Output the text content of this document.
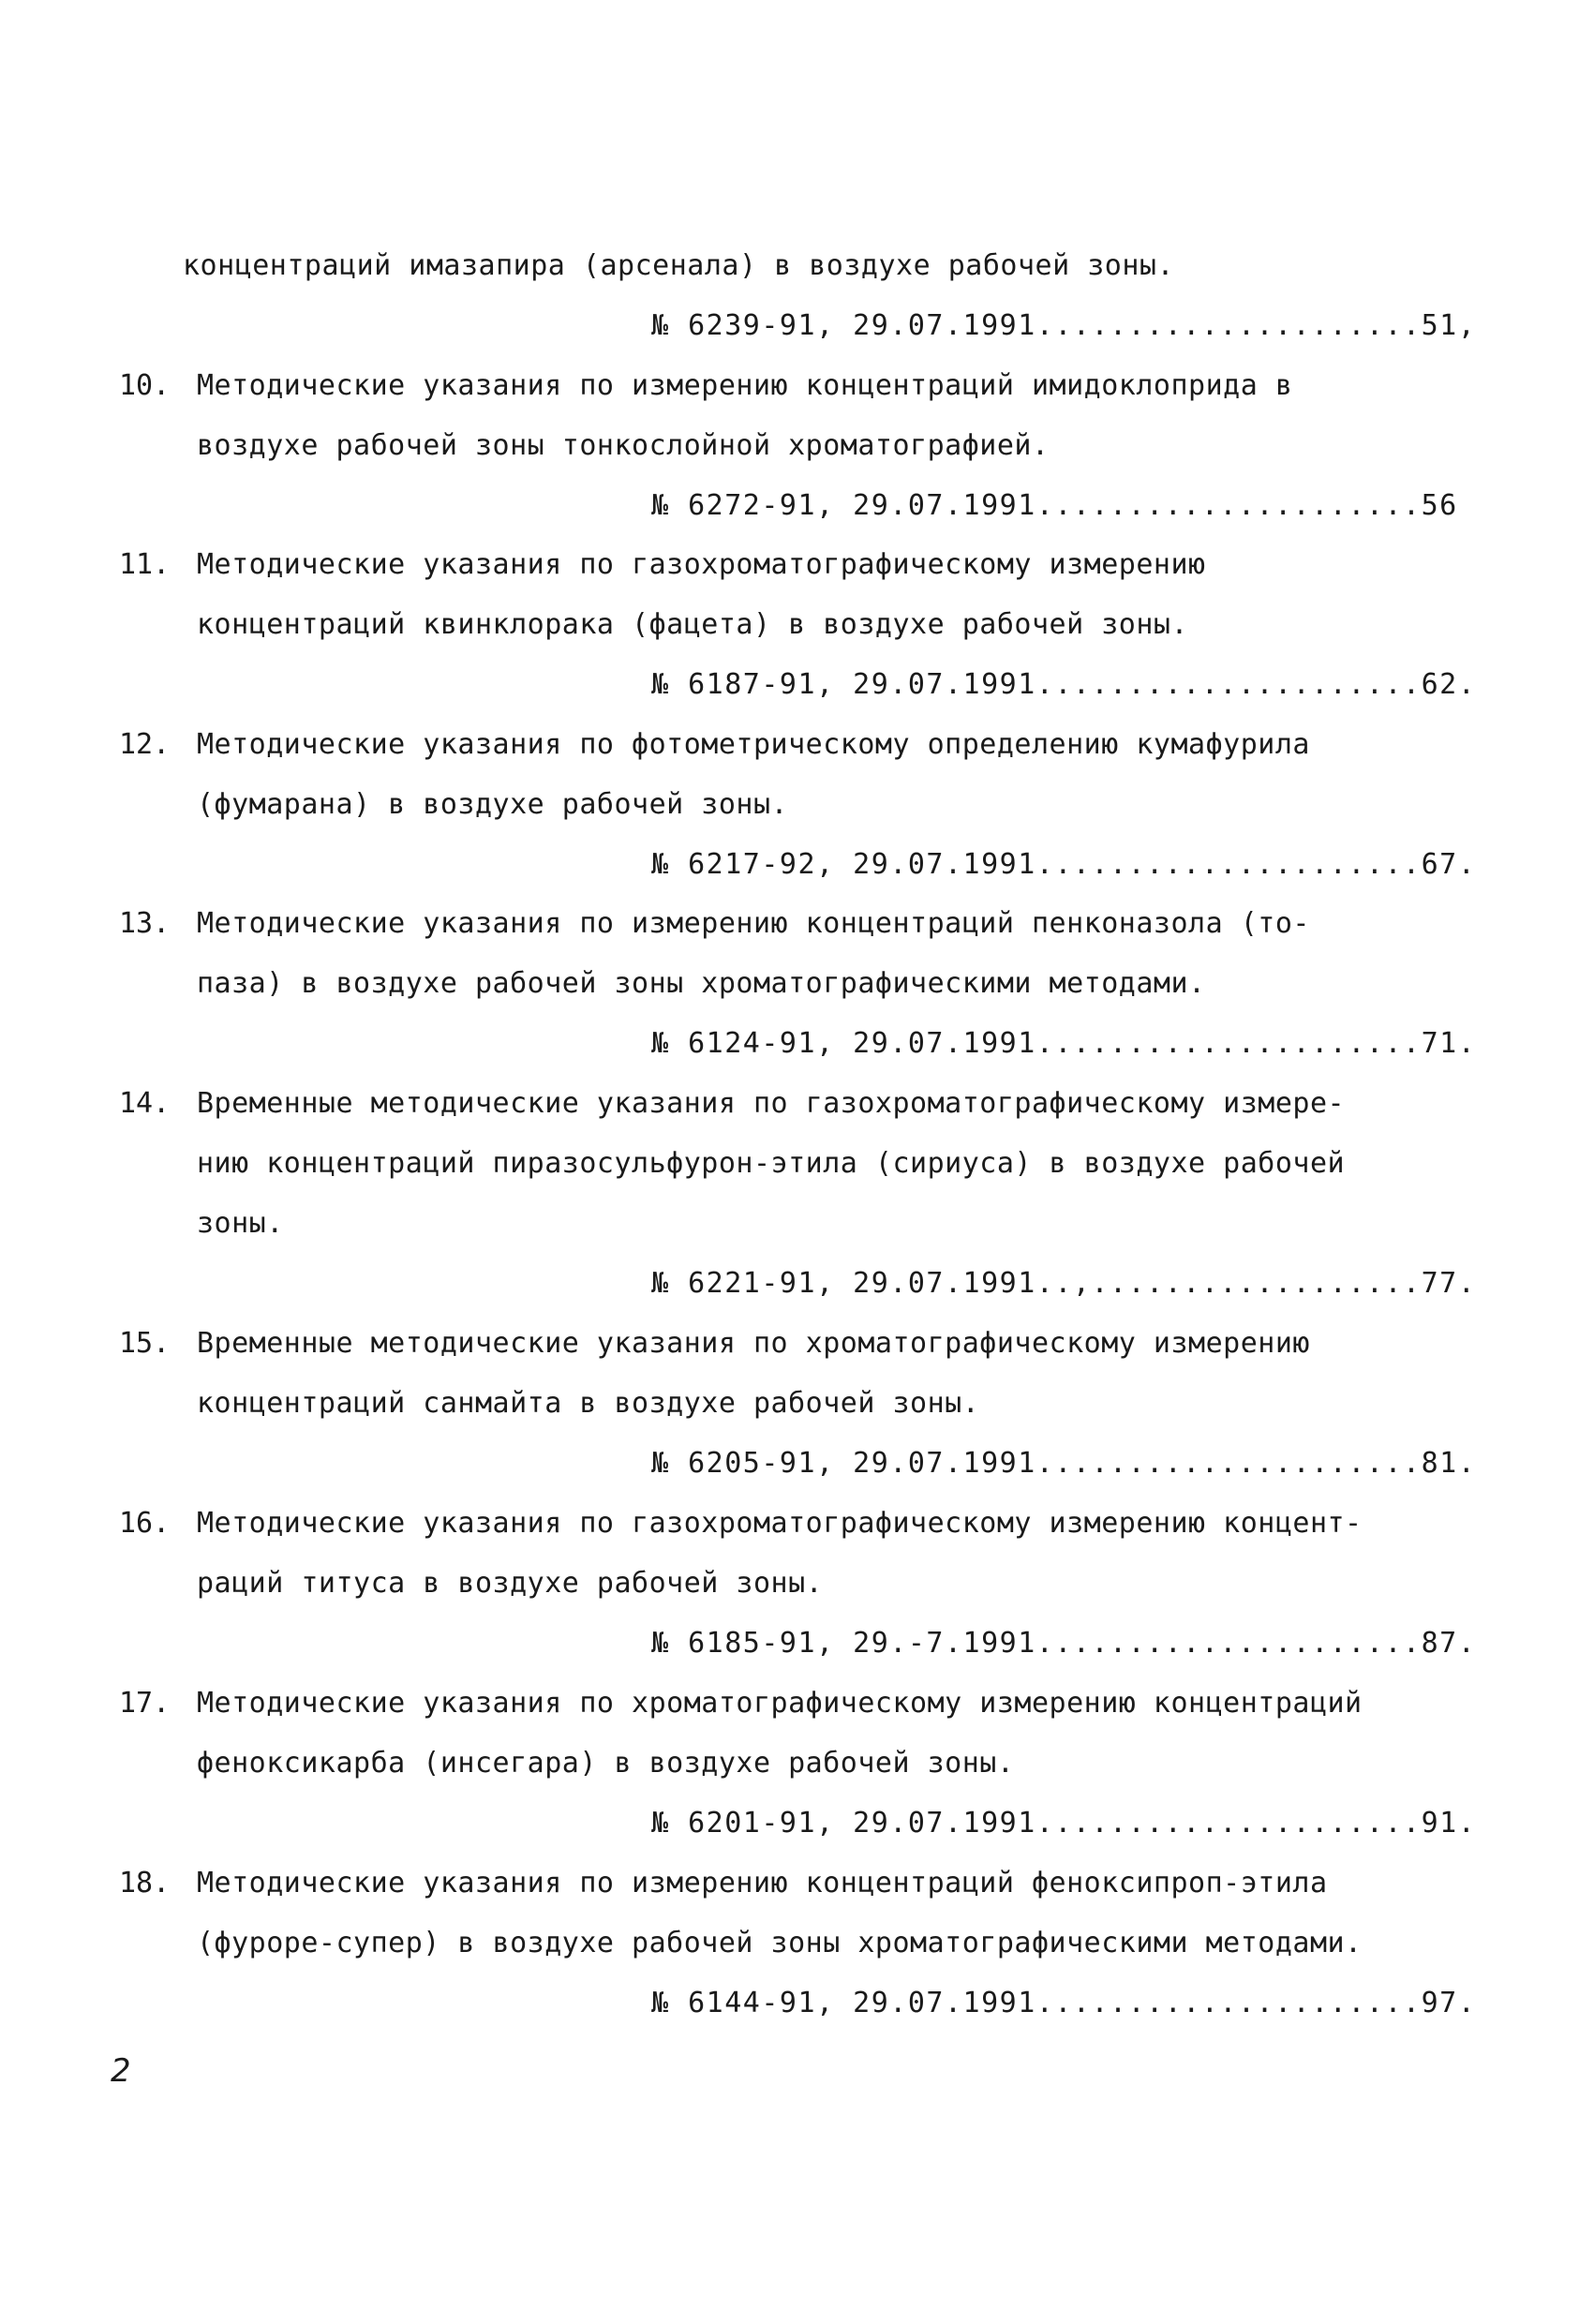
концентраций имазапира (арсенала) в воздухе рабочей зоны.
№ 6239-91, 29.07.1991.....................51,
10. Методические указания по измерению концентраций имидоклоприда в
воздухе рабочей зоны тонкослойной хроматографией.
№ 6272-91, 29.07.1991.....................56
11. Методические указания по газохроматографическому измерению
концентраций квинклорака (фацета) в воздухе рабочей зоны.
№ 6187-91, 29.07.1991.....................62.
12. Методические указания по фотометрическому определению кумафурила
(фумарана) в воздухе рабочей зоны.
№ 6217-92, 29.07.1991.....................67.
13. Методические указания по измерению концентраций пенконазола (то-
паза) в воздухе рабочей зоны хроматографическими методами.
№ 6124-91, 29.07.1991.....................71.
14. Временные методические указания по газохроматографическому измере-
нию концентраций пиразосульфурон-этила (сириуса) в воздухе рабочей
зоны.
№ 6221-91, 29.07.1991..,..................77.
15. Временные методические указания по хроматографическому измерению
концентраций санмайта в воздухе рабочей зоны.
№ 6205-91, 29.07.1991.....................81.
16. Методические указания по газохроматографическому измерению концент-
раций титуса в воздухе рабочей зоны.
№ 6185-91, 29.-7.1991.....................87.
17. Методические указания по хроматографическому измерению концентраций
феноксикарба (инсегара) в воздухе рабочей зоны.
№ 6201-91, 29.07.1991.....................91.
18. Методические указания по измерению концентраций феноксипроп-этила
(фуроре-супер) в воздухе рабочей зоны хроматографическими методами.
№ 6144-91, 29.07.1991.....................97.
2
